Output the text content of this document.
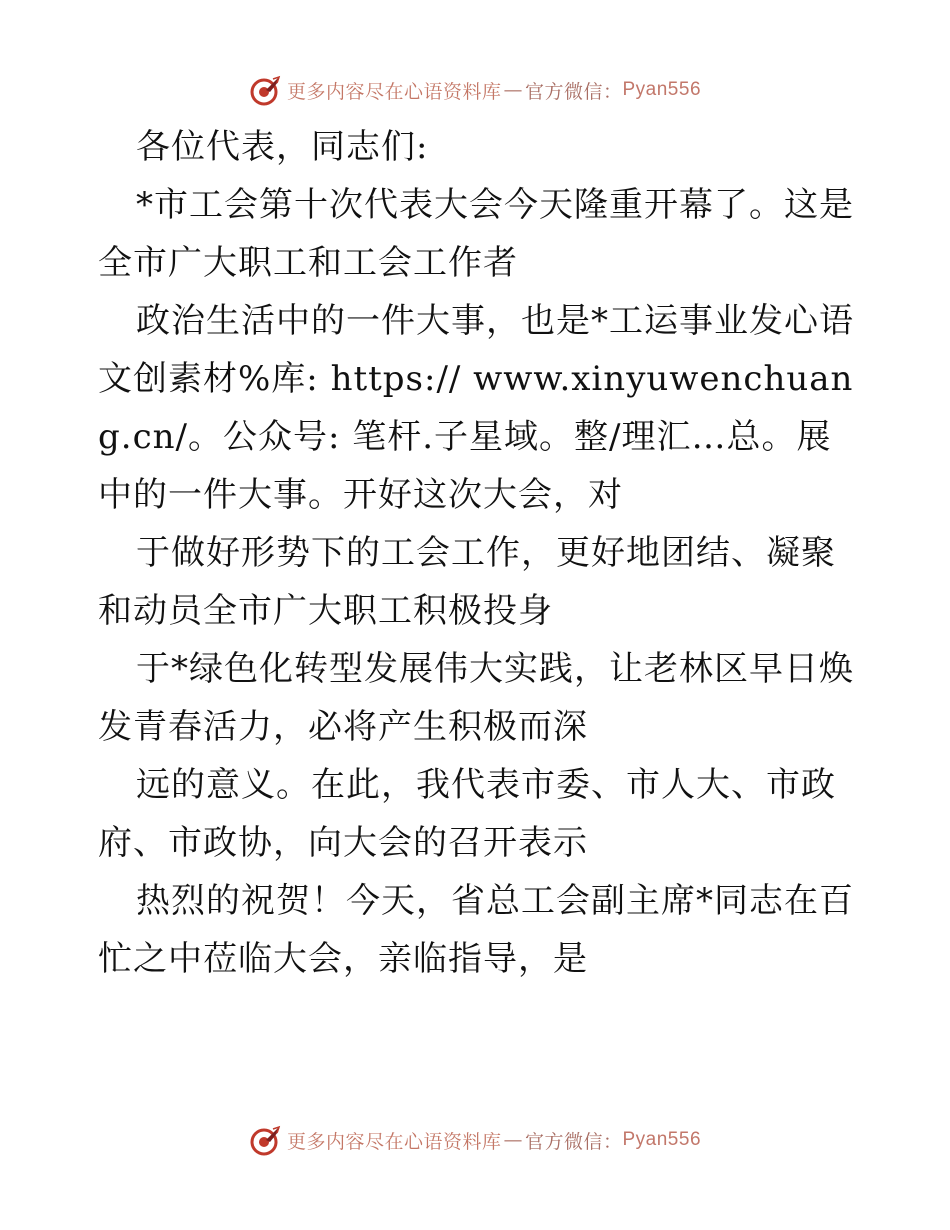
更多内容尽在心语资料库 — 官方微信： Pyan556

各位代表，同志们:

*市工会第十次代表大会今天隆重开幕了。这是全市广大职工和工会工作者

政治生活中的一件大事，也是*工运事业发心语文创素材%库: https:// www.xinyuwenchuang.cn/。公众号: 笔杆.子星域。整/理汇…总。展中的一件大事。开好这次大会，对

于做好形势下的工会工作，更好地团结、凝聚和动员全市广大职工积极投身

于*绿色化转型发展伟大实践，让老林区早日焕发青春活力，必将产生积极而深

远的意义。在此，我代表市委、市人大、市政府、市政协，向大会的召开表示

热烈的祝贺！今天，省总工会副主席*同志在百忙之中莅临大会，亲临指导，是

更多内容尽在心语资料库 — 官方微信： Pyan556
